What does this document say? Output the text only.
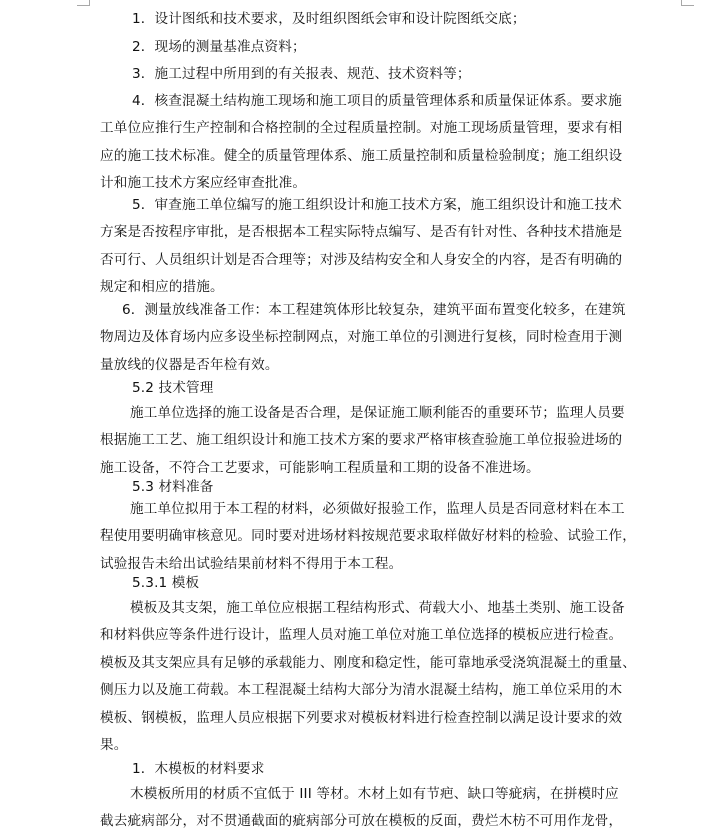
1．设计图纸和技术要求，及时组织图纸会审和设计院图纸交底；
2．现场的测量基准点资料；
3．施工过程中所用到的有关报表、规范、技术资料等；
4．核查混凝土结构施工现场和施工项目的质量管理体系和质量保证体系。要求施
工单位应推行生产控制和合格控制的全过程质量控制。对施工现场质量管理，要求有相
应的施工技术标准。健全的质量管理体系、施工质量控制和质量检验制度；施工组织设
计和施工技术方案应经审查批准。
5．审查施工单位编写的施工组织设计和施工技术方案，施工组织设计和施工技术
方案是否按程序审批，是否根据本工程实际特点编写、是否有针对性、各种技术措施是
否可行、人员组织计划是否合理等；对涉及结构安全和人身安全的内容，是否有明确的
规定和相应的措施。
6．测量放线准备工作：本工程建筑体形比较复杂，建筑平面布置变化较多，在建筑
物周边及体育场内应多设坐标控制网点，对施工单位的引测进行复核，同时检查用于测
量放线的仪器是否年检有效。
5.2 技术管理
施工单位选择的施工设备是否合理，是保证施工顺利能否的重要环节；监理人员要
根据施工工艺、施工组织设计和施工技术方案的要求严格审核查验施工单位报验进场的
施工设备，不符合工艺要求，可能影响工程质量和工期的设备不准进场。
5.3 材料准备
施工单位拟用于本工程的材料，必须做好报验工作，监理人员是否同意材料在本工
程使用要明确审核意见。同时要对进场材料按规范要求取样做好材料的检验、试验工作，
试验报告未给出试验结果前材料不得用于本工程。
5.3.1 模板
模板及其支架，施工单位应根据工程结构形式、荷载大小、地基土类别、施工设备
和材料供应等条件进行设计，监理人员对施工单位对施工单位选择的模板应进行检查。
模板及其支架应具有足够的承载能力、刚度和稳定性，能可靠地承受浇筑混凝土的重量、
侧压力以及施工荷载。本工程混凝土结构大部分为清水混凝土结构，施工单位采用的木
模板、钢模板，监理人员应根据下列要求对模板材料进行检查控制以满足设计要求的效
果。
1．木模板的材料要求
木模板所用的材质不宜低于 III 等材。木材上如有节疤、缺口等疵病，在拼模时应
截去疵病部分，对不贯通截面的疵病部分可放在模板的反面，费烂木枋不可用作龙骨，
